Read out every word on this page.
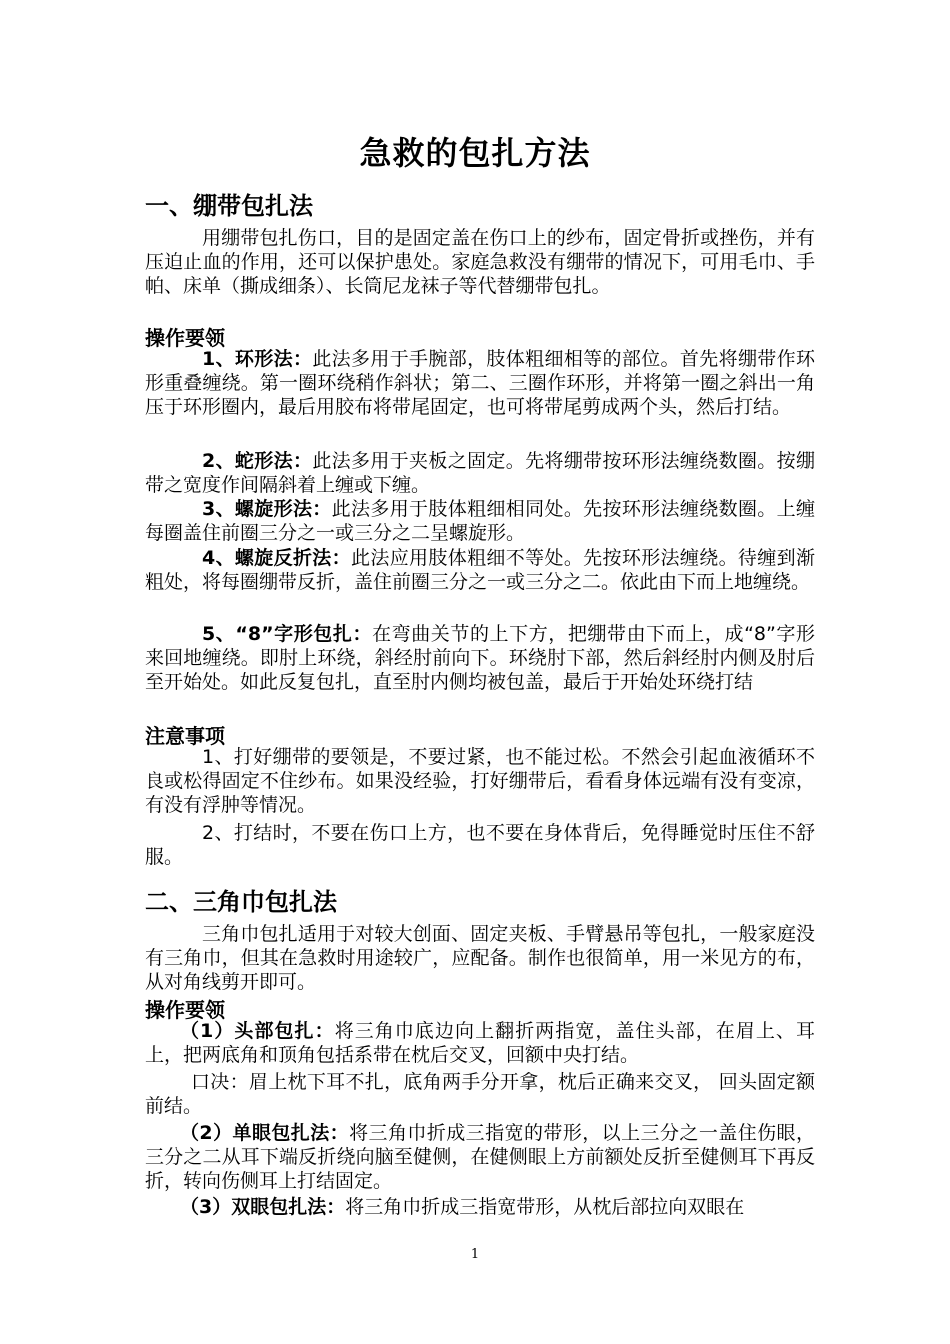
急救的包扎方法
一、绷带包扎法
用绷带包扎伤口，目的是固定盖在伤口上的纱布，固定骨折或挫伤，并有压迫止血的作用，还可以保护患处。家庭急救没有绷带的情况下，可用毛巾、手帕、床单（撕成细条）、长筒尼龙袜子等代替绷带包扎。
操作要领
1、环形法：此法多用于手腕部，肢体粗细相等的部位。首先将绷带作环形重叠缠绕。第一圈环绕稍作斜状；第二、三圈作环形，并将第一圈之斜出一角压于环形圈内，最后用胶布将带尾固定，也可将带尾剪成两个头，然后打结。
2、蛇形法：此法多用于夹板之固定。先将绷带按环形法缠绕数圈。按绷带之宽度作间隔斜着上缠或下缠。
3、螺旋形法：此法多用于肢体粗细相同处。先按环形法缠绕数圈。上缠每圈盖住前圈三分之一或三分之二呈螺旋形。
4、螺旋反折法：此法应用肢体粗细不等处。先按环形法缠绕。待缠到渐粗处，将每圈绷带反折，盖住前圈三分之一或三分之二。依此由下而上地缠绕。
5、“8”字形包扎：在弯曲关节的上下方，把绷带由下而上，成“8”字形来回地缠绕。即肘上环绕，斜经肘前向下。环绕肘下部，然后斜经肘内侧及肘后至开始处。如此反复包扎，直至肘内侧均被包盖，最后于开始处环绕打结
注意事项
1、打好绷带的要领是，不要过紧，也不能过松。不然会引起血液循环不良或松得固定不住纱布。如果没经验，打好绷带后，看看身体远端有没有变凉，有没有浮肿等情况。
2、打结时，不要在伤口上方，也不要在身体背后，免得睡觉时压住不舒服。
二、三角巾包扎法
三角巾包扎适用于对较大创面、固定夹板、手臂悬吊等包扎，一般家庭没有三角巾，但其在急救时用途较广，应配备。制作也很简单，用一米见方的布，从对角线剪开即可。
操作要领
（1）头部包扎：将三角巾底边向上翻折两指宽，盖住头部，在眉上、耳上，把两底角和顶角包括系带在枕后交叉，回额中央打结。
口决：眉上枕下耳不扎，底角两手分开拿，枕后正确来交叉， 回头固定额前结。
（2）单眼包扎法：将三角巾折成三指宽的带形，以上三分之一盖住伤眼，三分之二从耳下端反折绕向脑至健侧，在健侧眼上方前额处反折至健侧耳下再反折，转向伤侧耳上打结固定。
（3）双眼包扎法：将三角巾折成三指宽带形，从枕后部拉向双眼在
1
